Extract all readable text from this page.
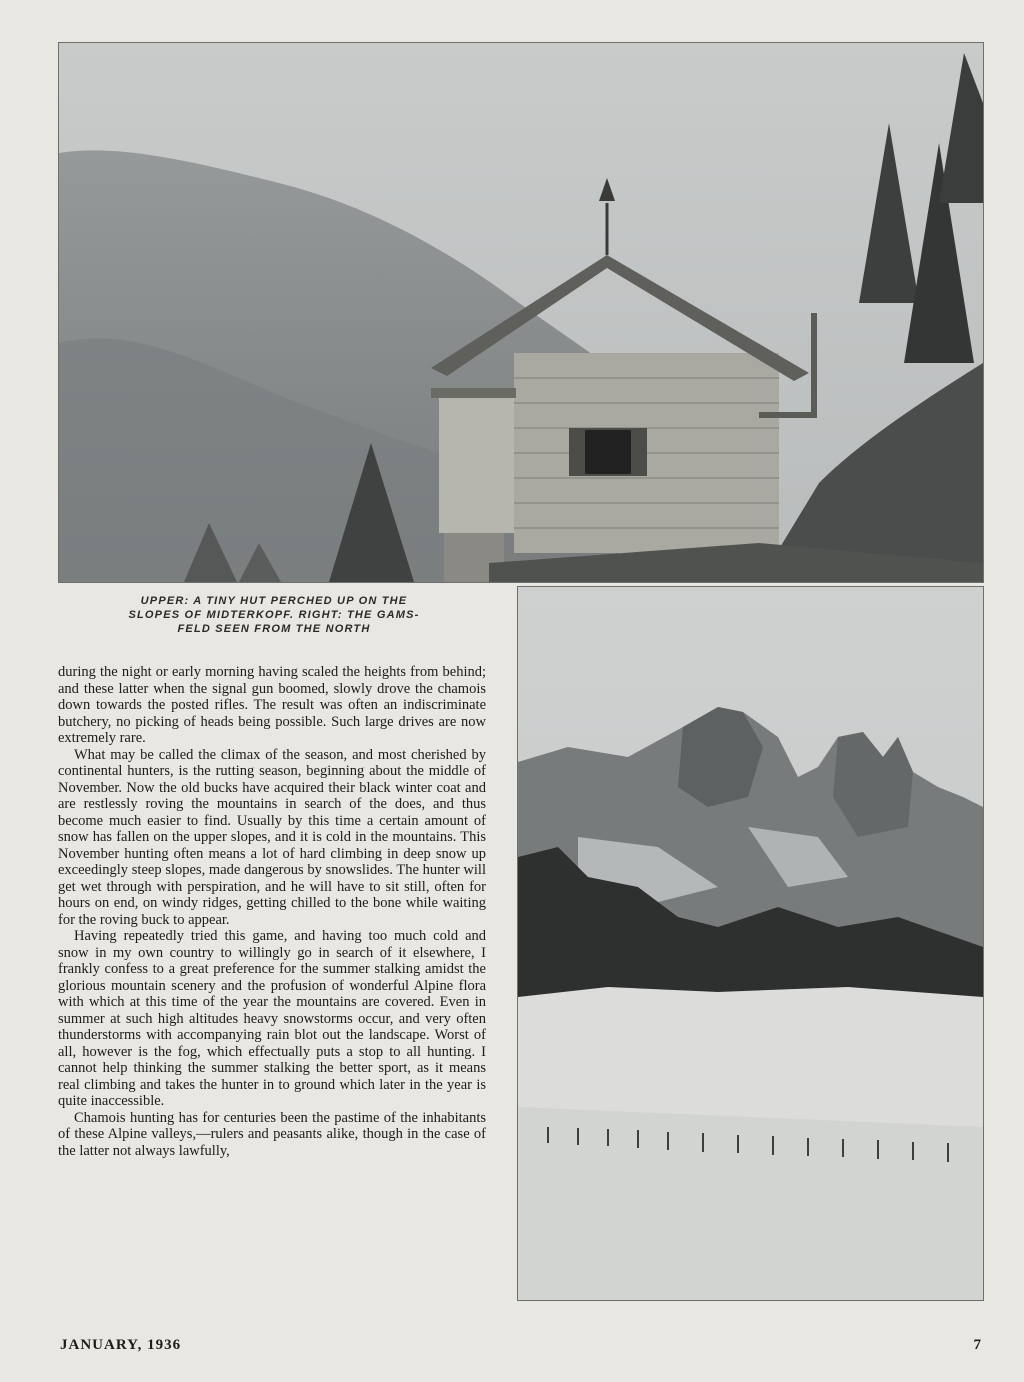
UPPER: A TINY HUT PERCHED UP ON THE
SLOPES OF MIDTERKOPF. RIGHT: THE GAMS-
FELD SEEN FROM THE NORTH

during the night or early morning having scaled the heights from behind; and these latter when the signal gun boomed, slowly drove the chamois down towards the posted rifles. The result was often an indiscriminate butchery, no picking of heads being possible. Such large drives are now extremely rare.

What may be called the climax of the season, and most cherished by continental hunters, is the rutting season, beginning about the middle of November. Now the old bucks have acquired their black winter coat and are restlessly roving the mountains in search of the does, and thus become much easier to find. Usually by this time a certain amount of snow has fallen on the upper slopes, and it is cold in the mountains. This November hunting often means a lot of hard climbing in deep snow up exceedingly steep slopes, made dangerous by snowslides. The hunter will get wet through with perspiration, and he will have to sit still, often for hours on end, on windy ridges, getting chilled to the bone while waiting for the roving buck to appear.

Having repeatedly tried this game, and having too much cold and snow in my own country to willingly go in search of it elsewhere, I frankly confess to a great preference for the summer stalking amidst the glorious mountain scenery and the profusion of wonderful Alpine flora with which at this time of the year the mountains are covered. Even in summer at such high altitudes heavy snowstorms occur, and very often thunderstorms with accompanying rain blot out the landscape. Worst of all, however is the fog, which effectually puts a stop to all hunting. I cannot help thinking the summer stalking the better sport, as it means real climbing and takes the hunter in to ground which later in the year is quite inaccessible.

Chamois hunting has for centuries been the pastime of the inhabitants of these Alpine valleys,—rulers and peasants alike, though in the case of the latter not always lawfully,

JANUARY, 1936	7
